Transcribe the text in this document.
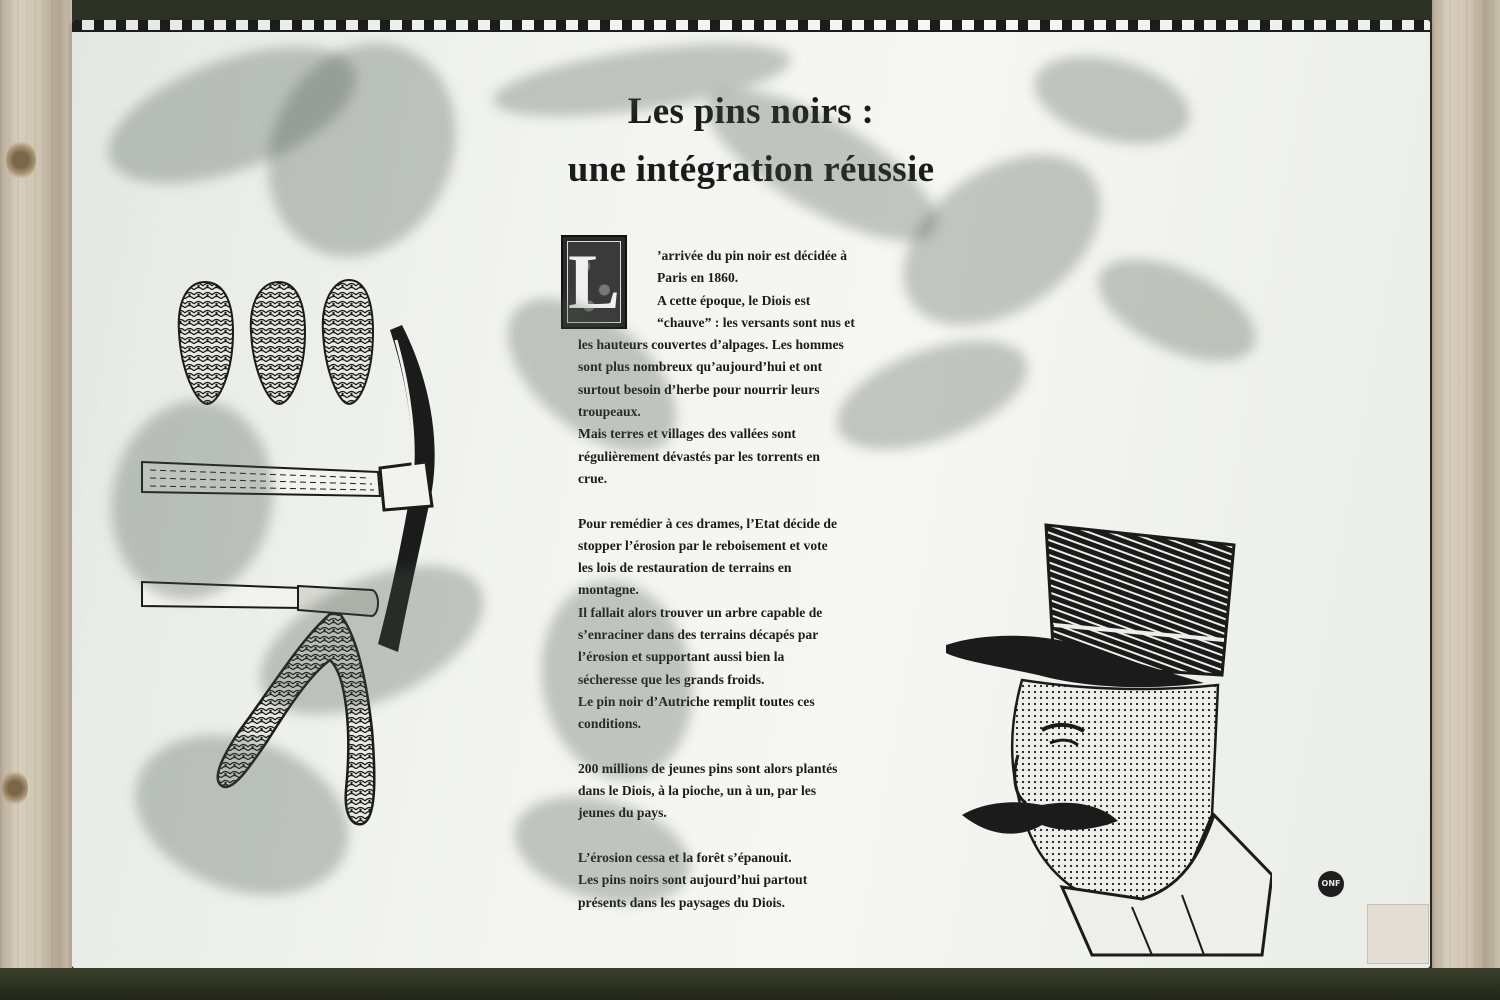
Les pins noirs :
une intégration réussie
L	’arrivée du pin noir est décidée à

Paris en 1860.

A cette époque, le Diois est

“chauve” : les versants sont nus et

les hauteurs couvertes d’alpages. Les hommes

sont plus nombreux qu’aujourd’hui et ont

surtout besoin d’herbe pour nourrir leurs

troupeaux.

Mais terres et villages des vallées sont

régulièrement dévastés par les torrents en

crue.

Pour remédier à ces drames, l’Etat décide de

stopper l’érosion par le reboisement et vote

les lois de restauration de terrains en

montagne.

Il fallait alors trouver un arbre capable de

s’enraciner dans des terrains décapés par

l’érosion et supportant aussi bien la

sécheresse que les grands froids.

Le pin noir d’Autriche remplit toutes ces

conditions.

200 millions de jeunes pins sont alors plantés

dans le Diois, à la pioche, un à un, par les

jeunes du pays.

L’érosion cessa et la forêt s’épanouit.

Les pins noirs sont aujourd’hui partout

présents dans les paysages du Diois.

ONF
